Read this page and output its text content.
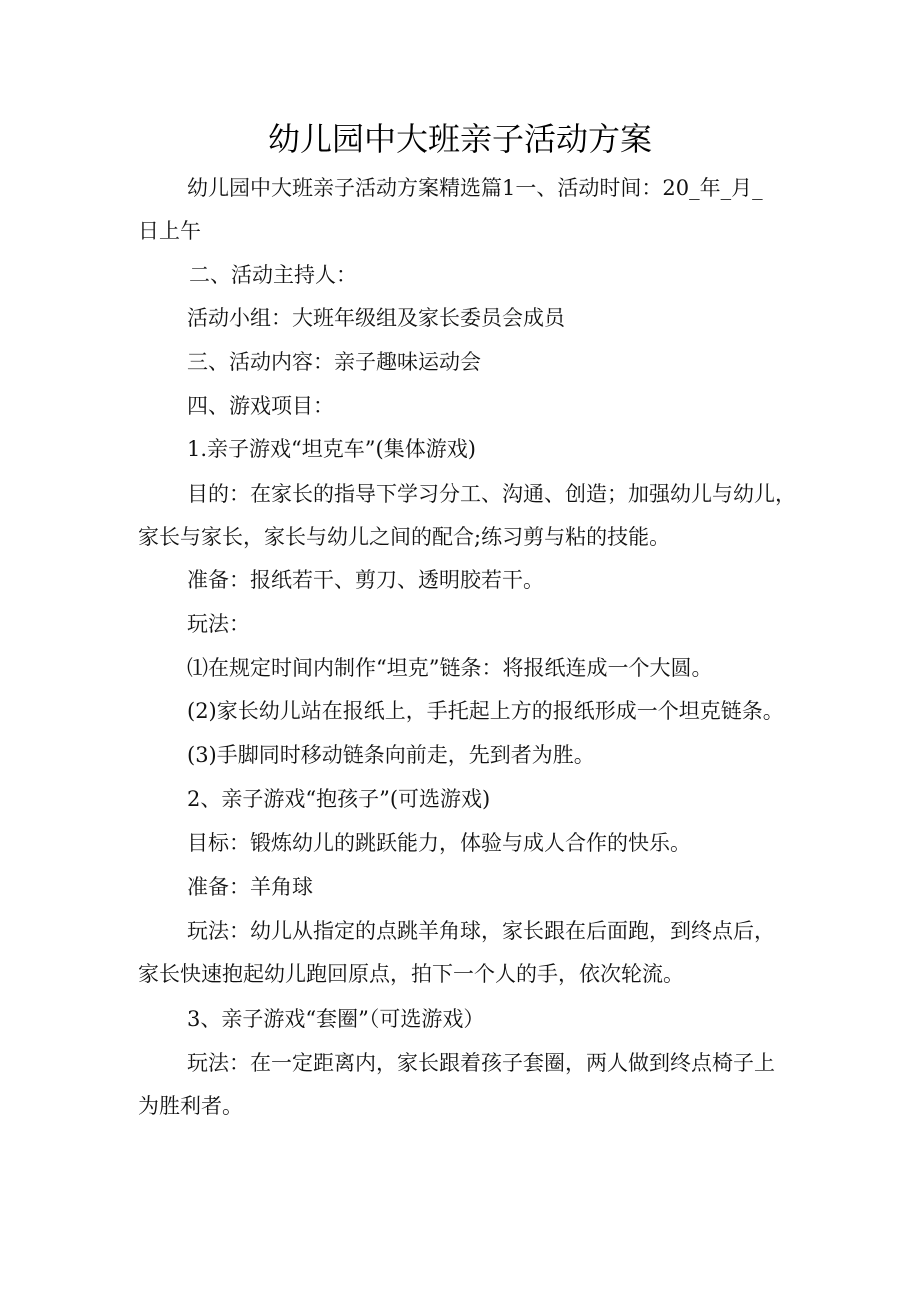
幼儿园中大班亲子活动方案
幼儿园中大班亲子活动方案精选篇1一、活动时间：20_年_月_
日上午
二、活动主持人：
活动小组：大班年级组及家长委员会成员
三、活动内容：亲子趣味运动会
四、游戏项目：
1.亲子游戏“坦克车”(集体游戏)
目的：在家长的指导下学习分工、沟通、创造；加强幼儿与幼儿，
家长与家长，家长与幼儿之间的配合;练习剪与粘的技能。
准备：报纸若干、剪刀、透明胶若干。
玩法：
⑴在规定时间内制作“坦克”链条：将报纸连成一个大圆。
(2)家长幼儿站在报纸上，手托起上方的报纸形成一个坦克链条。
(3)手脚同时移动链条向前走，先到者为胜。
2、亲子游戏“抱孩子”(可选游戏)
目标：锻炼幼儿的跳跃能力，体验与成人合作的快乐。
准备：羊角球
玩法：幼儿从指定的点跳羊角球，家长跟在后面跑，到终点后，
家长快速抱起幼儿跑回原点，拍下一个人的手，依次轮流。
3、亲子游戏“套圈”（可选游戏）
玩法：在一定距离内，家长跟着孩子套圈，两人做到终点椅子上
为胜利者。
